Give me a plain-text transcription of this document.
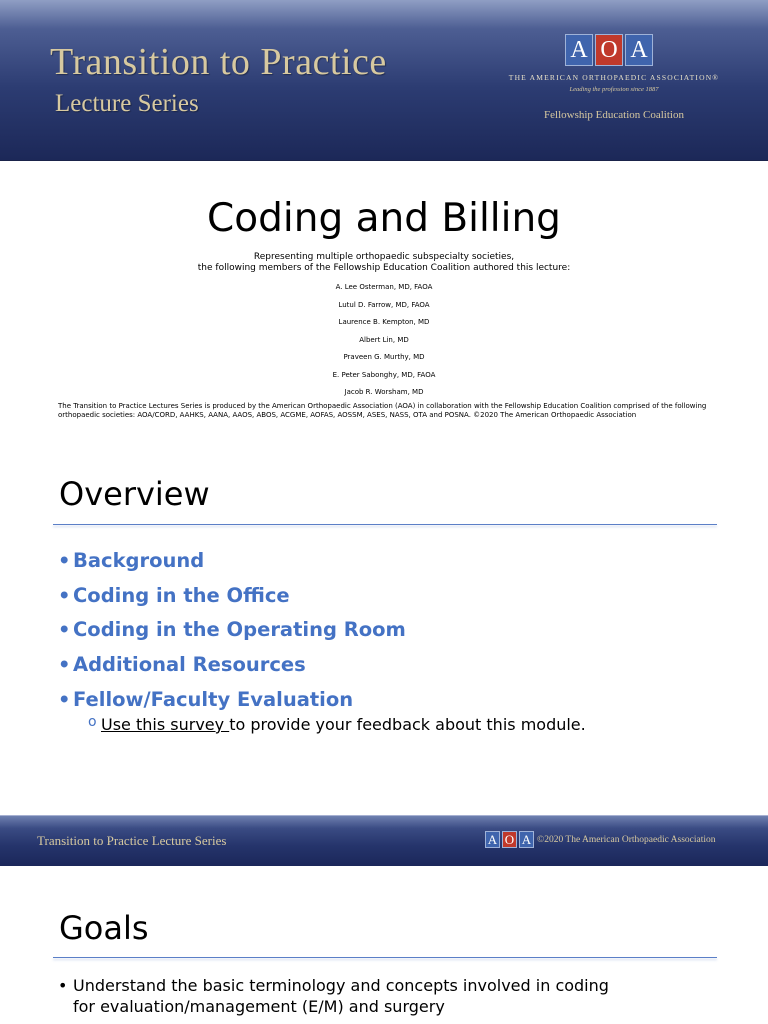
Transition to Practice
Lecture Series
A O A
THE AMERICAN ORTHOPAEDIC ASSOCIATION®
Leading the profession since 1887
Fellowship Education Coalition
Coding and Billing
Representing multiple orthopaedic subspecialty societies,
the following members of the Fellowship Education Coalition authored this lecture:
A. Lee Osterman, MD, FAOA
Lutul D. Farrow, MD, FAOA
Laurence B. Kempton, MD
Albert Lin, MD
Praveen G. Murthy, MD
E. Peter Sabonghy, MD, FAOA
Jacob R. Worsham, MD
The Transition to Practice Lectures Series is produced by the American Orthopaedic Association (AOA) in collaboration with the Fellowship Education Coalition comprised of the following orthopaedic societies: AOA/CORD, AAHKS, AANA, AAOS, ABOS, ACGME, AOFAS, AOSSM, ASES, NASS, OTA and POSNA. ©2020 The American Orthopaedic Association
Overview
• Background
• Coding in the Office
• Coding in the Operating Room
• Additional Resources
• Fellow/Faculty Evaluation
o Use this survey to provide your feedback about this module.
Transition to Practice Lecture Series	©2020 The American Orthopaedic Association
A O A
Goals
• Understand the basic terminology and concepts involved in coding for evaluation/management (E/M) and surgery
